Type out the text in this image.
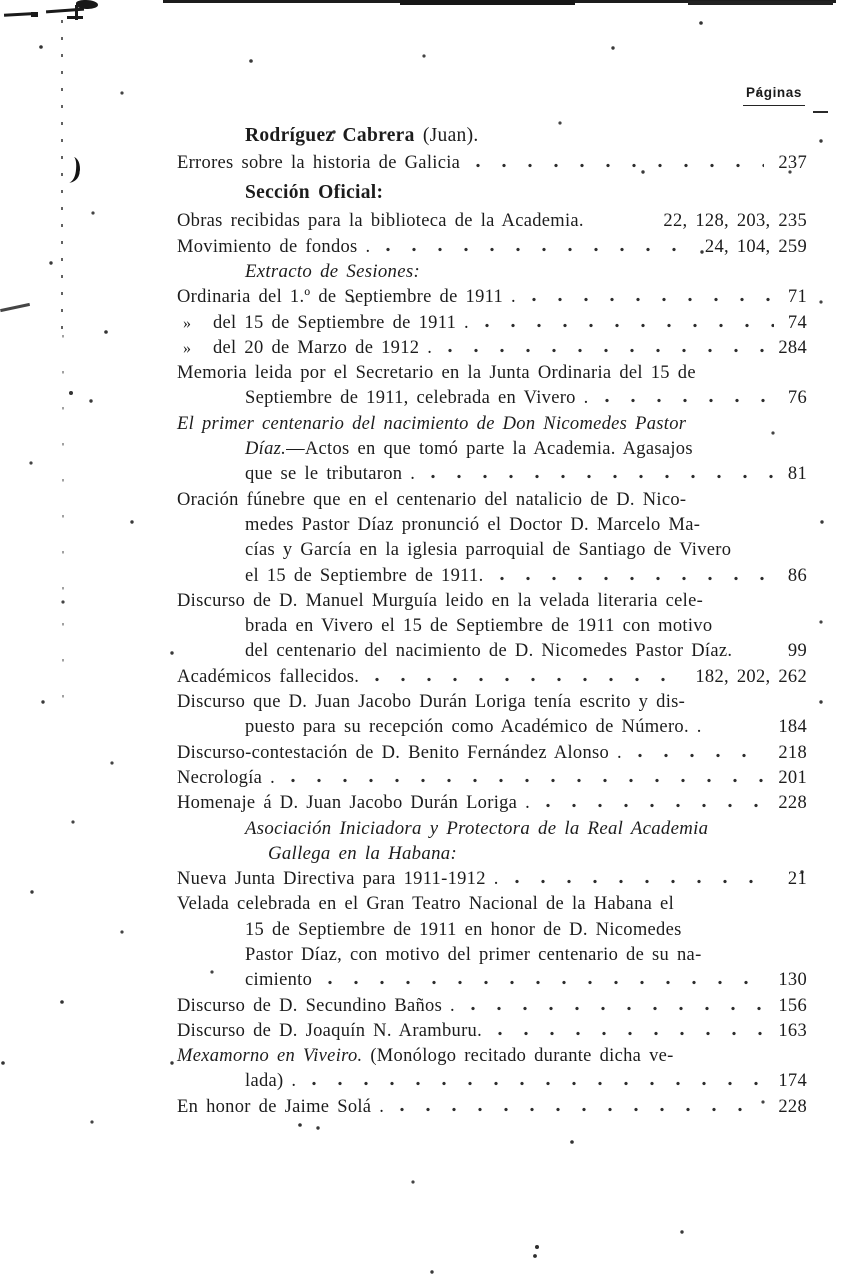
Páginas
Rodríguez Cabrera (Juan).
Errores sobre la historia de Galicia	237
Sección Oficial:
Obras recibidas para la biblioteca de la Academia.	22, 128, 203, 235
Movimiento de fondos .	24, 104, 259
Extracto de Sesiones:
Ordinaria del 1.º de Septiembre de 1911 .	71
»	del 15 de Septiembre de 1911 .	74
»	del 20 de Marzo de 1912 .	284
Memoria leida por el Secretario en la Junta Ordinaria del 15 de
Septiembre de 1911, celebrada en Vivero .	76
El primer centenario del nacimiento de Don Nicomedes Pastor
Díaz.—Actos en que tomó parte la Academia. Agasajos
que se le tributaron .	81
Oración fúnebre que en el centenario del natalicio de D. Nico-
medes Pastor Díaz pronunció el Doctor D. Marcelo Ma-
cías y García en la iglesia parroquial de Santiago de Vivero
el 15 de Septiembre de 1911.	86
Discurso de D. Manuel Murguía leido en la velada literaria cele-
brada en Vivero el 15 de Septiembre de 1911 con motivo
del centenario del nacimiento de D. Nicomedes Pastor Díaz.	99
Académicos fallecidos.	182, 202, 262
Discurso que D. Juan Jacobo Durán Loriga tenía escrito y dis-
puesto para su recepción como Académico de Número. .	184
Discurso-contestación de D. Benito Fernández Alonso .	218
Necrología .	201
Homenaje á D. Juan Jacobo Durán Loriga .	228
Asociación Iniciadora y Protectora de la Real Academia
Gallega en la Habana:
Nueva Junta Directiva para 1911-1912 .	21
Velada celebrada en el Gran Teatro Nacional de la Habana el
15 de Septiembre de 1911 en honor de D. Nicomedes
Pastor Díaz, con motivo del primer centenario de su na-
cimiento	130
Discurso de D. Secundino Baños .	156
Discurso de D. Joaquín N. Aramburu.	163
Mexamorno en Viveiro. (Monólogo recitado durante dicha ve-
lada) .	174
En honor de Jaime Solá .	228
